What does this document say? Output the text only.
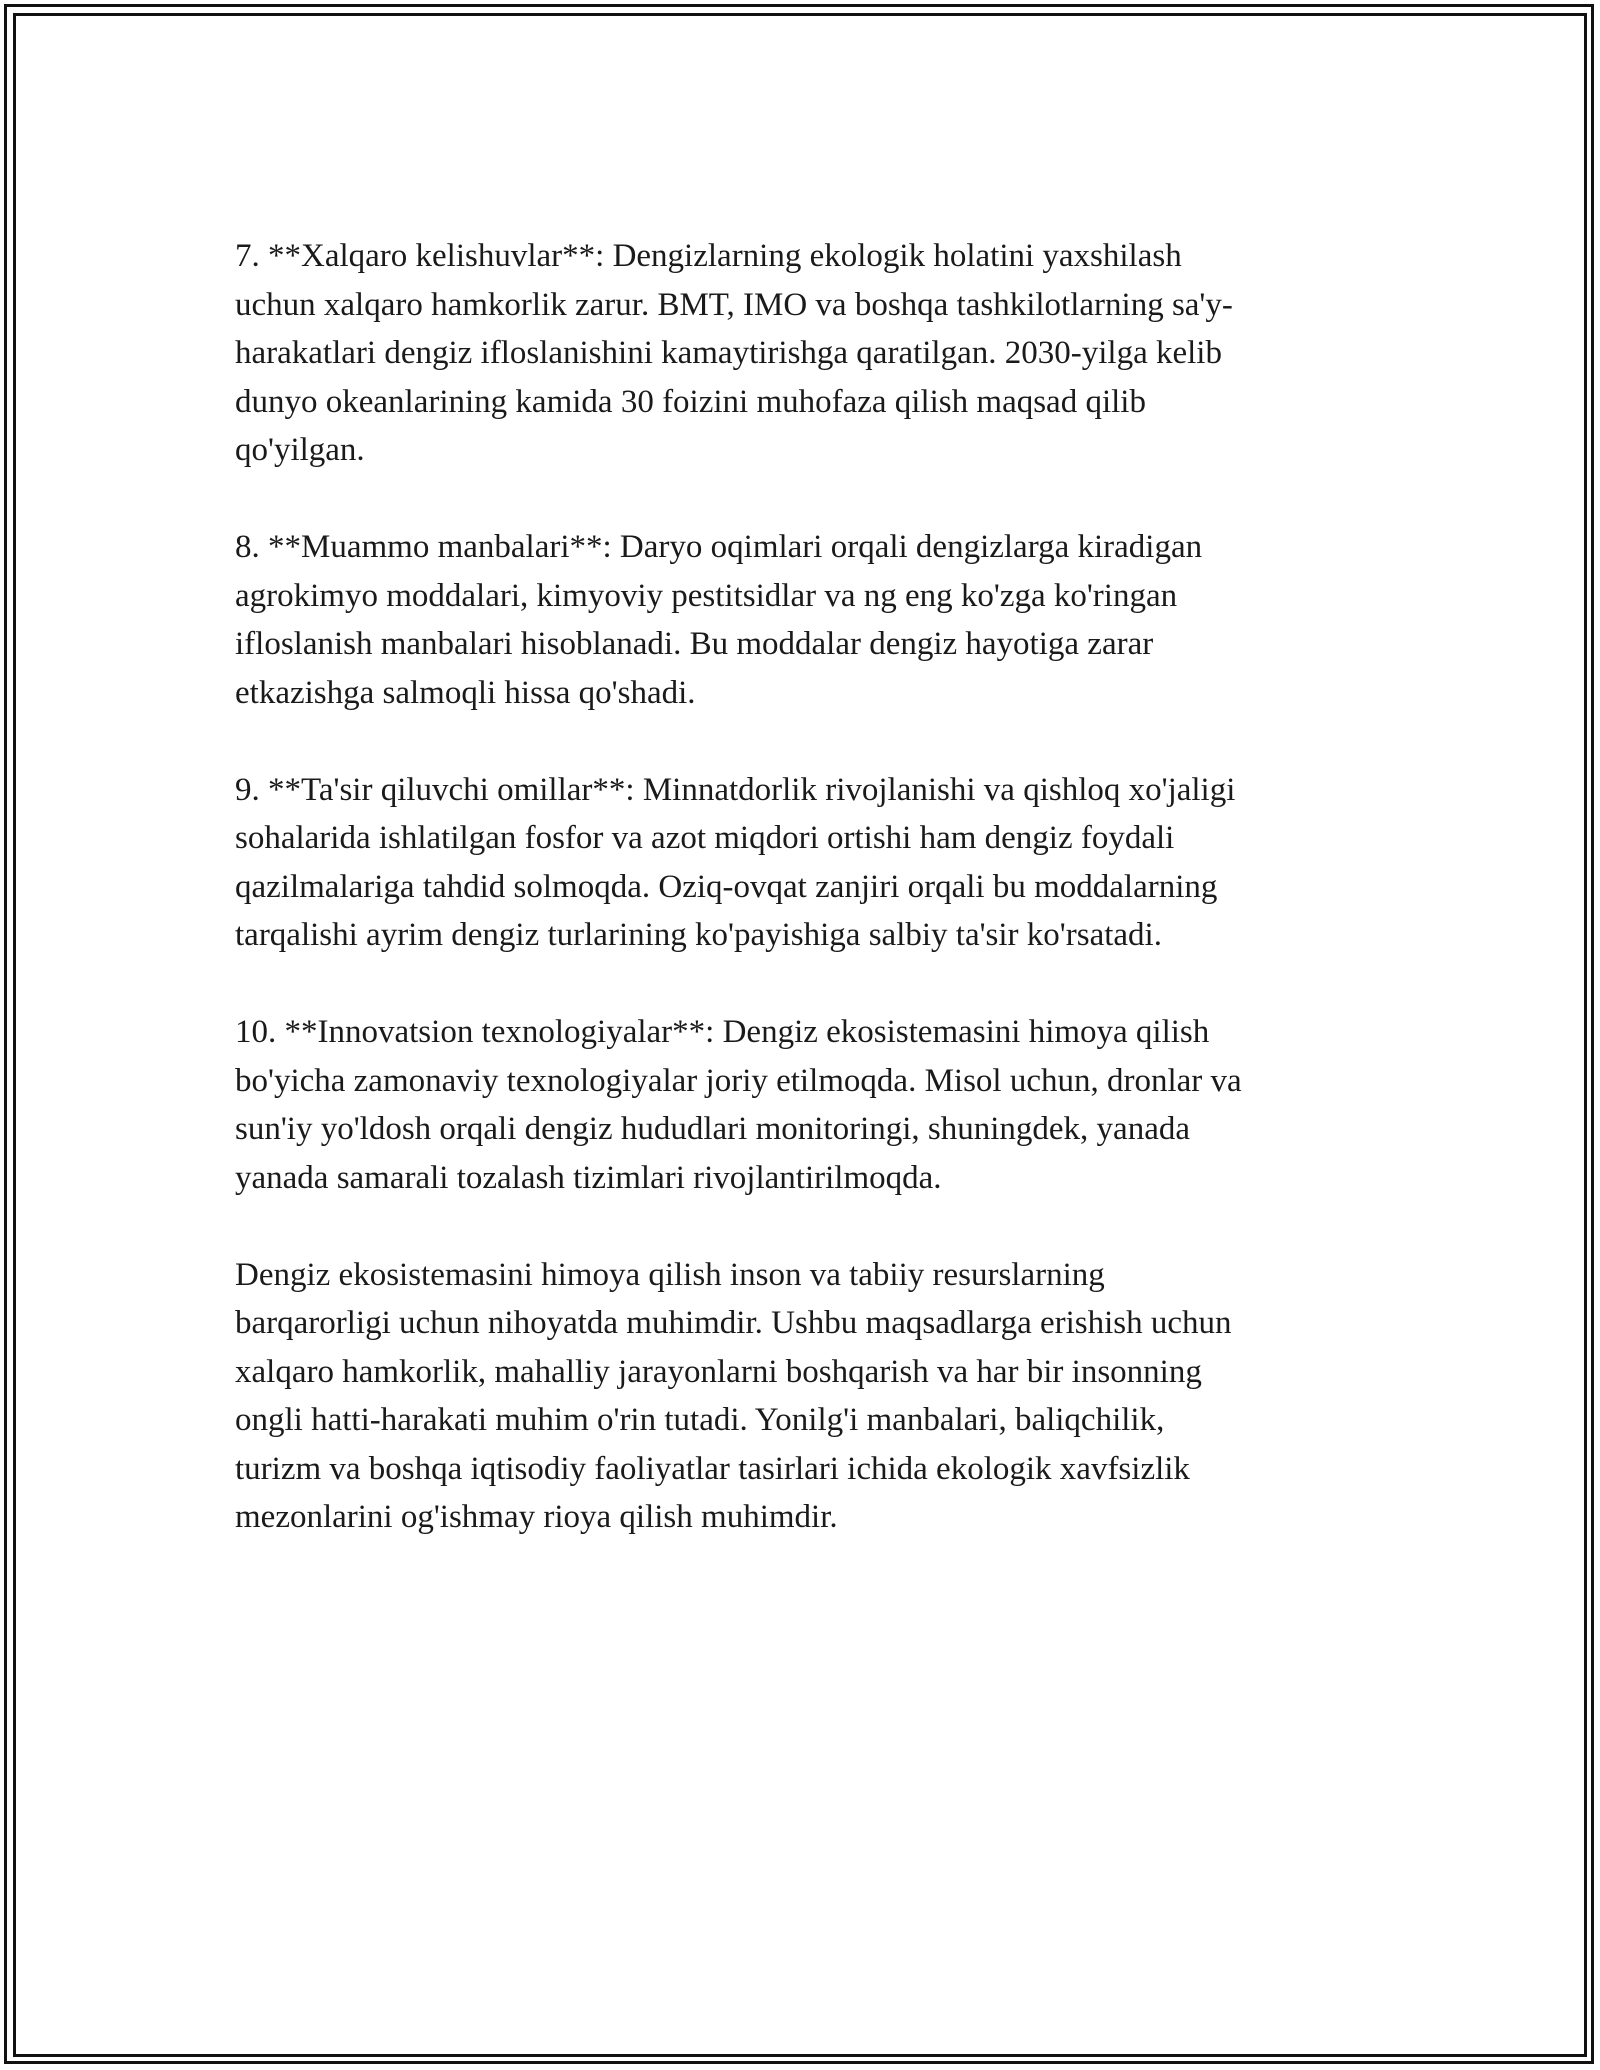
7. **Xalqaro kelishuvlar**: Dengizlarning ekologik holatini yaxshilash
uchun xalqaro hamkorlik zarur. BMT, IMO va boshqa tashkilotlarning sa'y-
harakatlari dengiz ifloslanishini kamaytirishga qaratilgan. 2030-yilga kelib
dunyo okeanlarining kamida 30 foizini muhofaza qilish maqsad qilib
qo'yilgan.

8. **Muammo manbalari**: Daryo oqimlari orqali dengizlarga kiradigan
agrokimyo moddalari, kimyoviy pestitsidlar va ng eng ko'zga ko'ringan
ifloslanish manbalari hisoblanadi. Bu moddalar dengiz hayotiga zarar
etkazishga salmoqli hissa qo'shadi.

9. **Ta'sir qiluvchi omillar**: Minnatdorlik rivojlanishi va qishloq xo'jaligi
sohalarida ishlatilgan fosfor va azot miqdori ortishi ham dengiz foydali
qazilmalariga tahdid solmoqda. Oziq-ovqat zanjiri orqali bu moddalarning
tarqalishi ayrim dengiz turlarining ko'payishiga salbiy ta'sir ko'rsatadi.

10. **Innovatsion texnologiyalar**: Dengiz ekosistemasini himoya qilish
bo'yicha zamonaviy texnologiyalar joriy etilmoqda. Misol uchun, dronlar va
sun'iy yo'ldosh orqali dengiz hududlari monitoringi, shuningdek, yanada
yanada samarali tozalash tizimlari rivojlantirilmoqda.

Dengiz ekosistemasini himoya qilish inson va tabiiy resurslarning
barqarorligi uchun nihoyatda muhimdir. Ushbu maqsadlarga erishish uchun
xalqaro hamkorlik, mahalliy jarayonlarni boshqarish va har bir insonning
ongli hatti-harakati muhim o'rin tutadi. Yonilg'i manbalari, baliqchilik,
turizm va boshqa iqtisodiy faoliyatlar tasirlari ichida ekologik xavfsizlik
mezonlarini og'ishmay rioya qilish muhimdir.
